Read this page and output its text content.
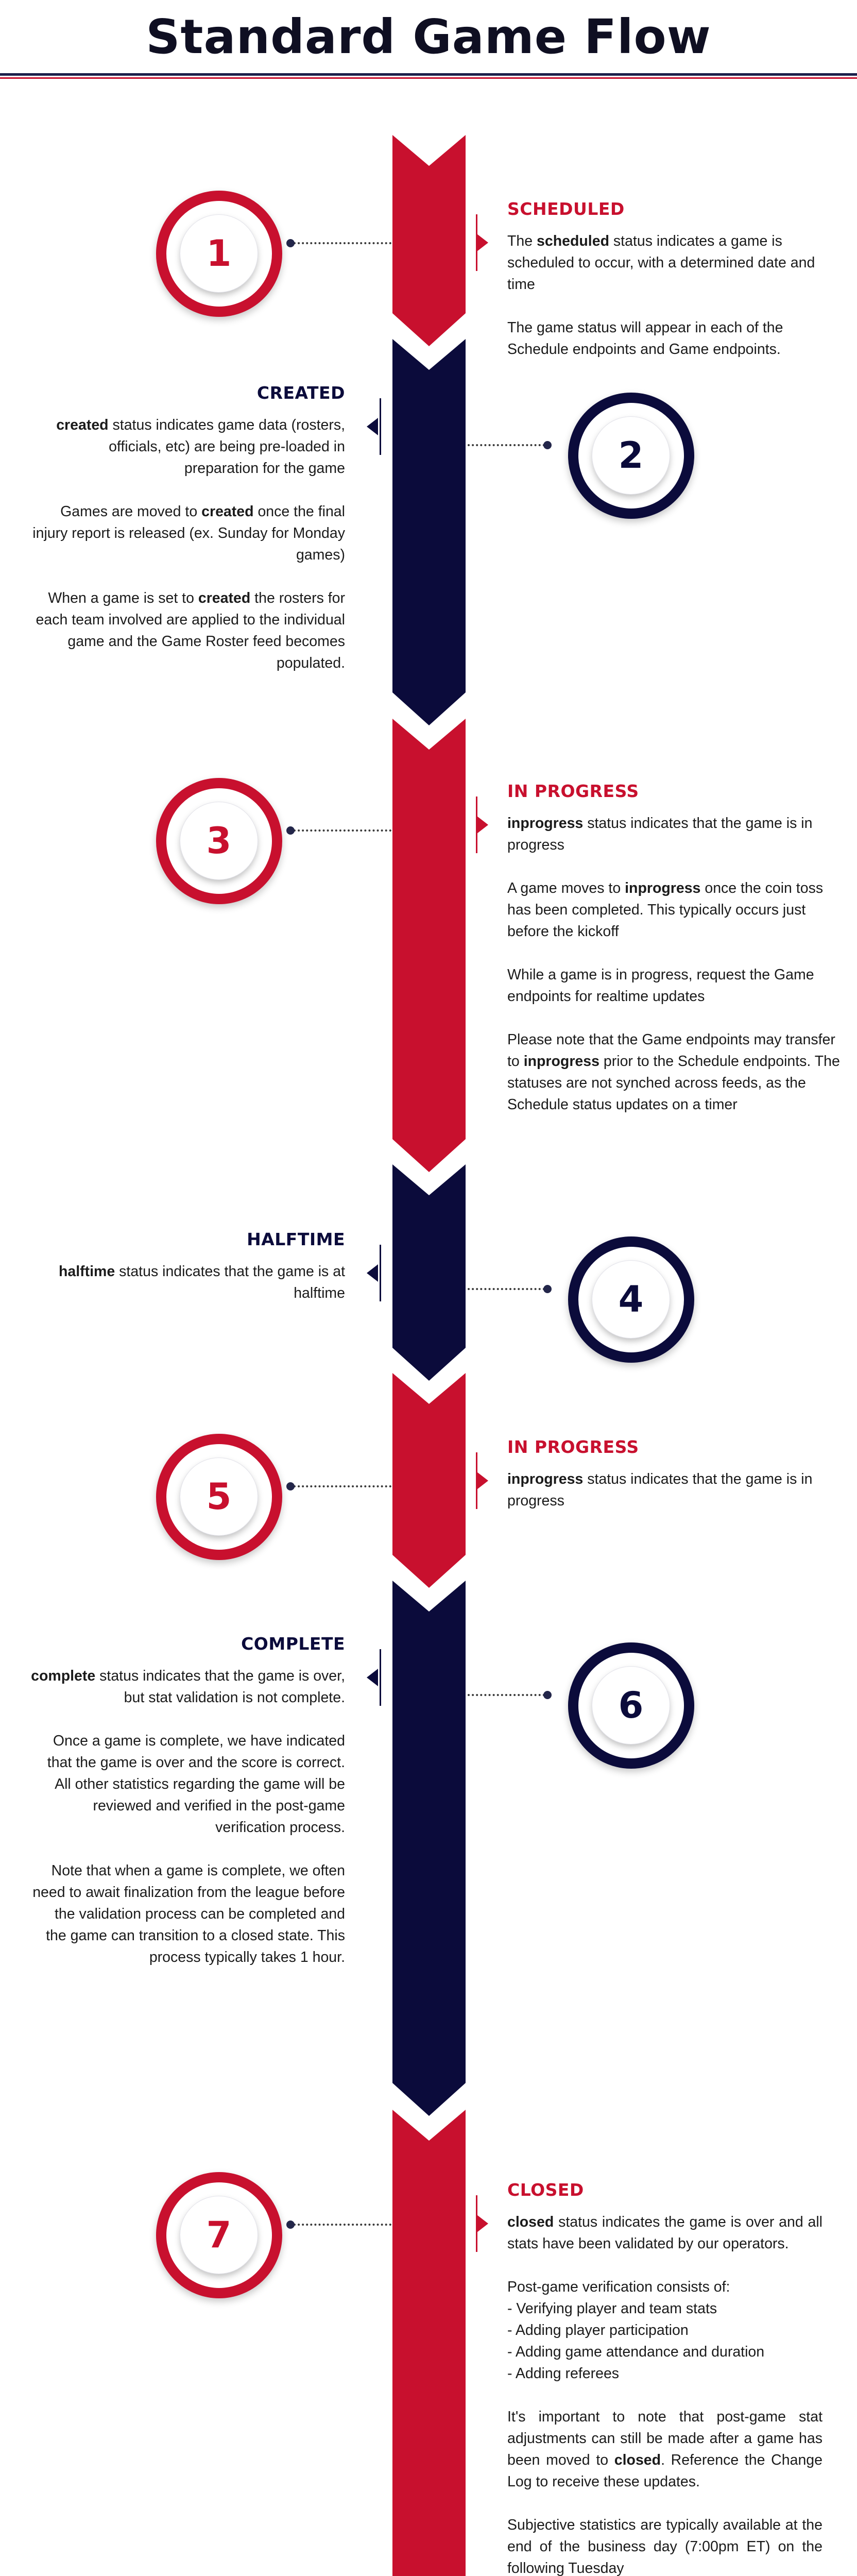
Standard Game Flow
1

SCHEDULED

The scheduled status indicates a game is scheduled to occur, with a determined date and time

The game status will appear in each of the Schedule endpoints and Game endpoints.

2

CREATED

created status indicates game data (rosters, officials, etc) are being pre-loaded in preparation for the game

Games are moved to created once the final injury report is released (ex. Sunday for Monday games)

When a game is set to created the rosters for each team involved are applied to the individual game and the Game Roster feed becomes populated.

3

IN PROGRESS

inprogress status indicates that the game is in progress

A game moves to inprogress once the coin toss has been completed. This typically occurs just before the kickoff

While a game is in progress, request the Game endpoints for realtime updates

Please note that the Game endpoints may transfer to inprogress prior to the Schedule endpoints. The statuses are not synched across feeds, as the Schedule status updates on a timer

4

HALFTIME

halftime status indicates that the game is at halftime

5

IN PROGRESS

inprogress status indicates that the game is in progress

6

COMPLETE

complete status indicates that the game is over, but stat validation is not complete.

Once a game is complete, we have indicated that the game is over and the score is correct. All other statistics regarding the game will be reviewed and verified in the post-game verification process.

Note that when a game is complete, we often need to await finalization from the league before the validation process can be completed and the game can transition to a closed state. This process typically takes 1 hour.

7

CLOSED

closed status indicates the game is over and all stats have been validated by our operators.

Post-game verification consists of:
- Verifying player and team stats
- Adding player participation
- Adding game attendance and duration
- Adding referees

It's important to note that post-game stat adjustments can still be made after a game has been moved to closed. Reference the Change Log to receive these updates.

Subjective statistics are typically available at the end of the business day (7:00pm ET) on the following Tuesday
